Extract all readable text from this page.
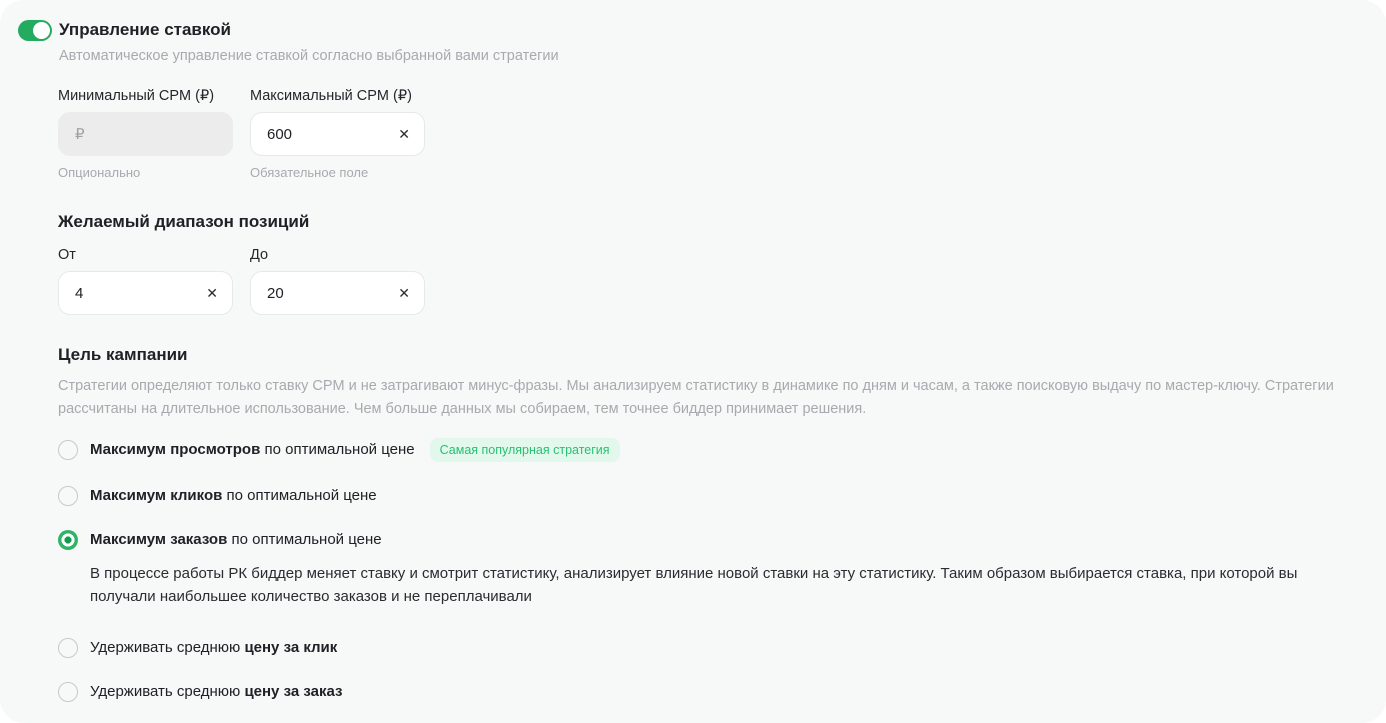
Управление ставкой
Автоматическое управление ставкой согласно выбранной вами стратегии
Минимальный CPM (₽)
₽
Опционально
Максимальный CPM (₽)
600	✕
Обязательное поле
Желаемый диапазон позиций
От
4	✕
До
20	✕
Цель кампании

Стратегии определяют только ставку CPM и не затрагивают минус-фразы. Мы анализируем статистику в динамике по дням и часам, а также поисковую выдачу по мастер-ключу. Стратегии рассчитаны на длительное использование. Чем больше данных мы собираем, тем точнее биддер принимает решения.

Максимум просмотров по оптимальной цене	Самая популярная стратегия
Максимум кликов по оптимальной цене
Максимум заказов по оптимальной цене
В процессе работы РК биддер меняет ставку и смотрит статистику, анализирует влияние новой ставки на эту статистику. Таким образом выбирается ставка, при которой вы получали наибольшее количество заказов и не переплачивали
Удерживать среднюю цену за клик
Удерживать среднюю цену за заказ
